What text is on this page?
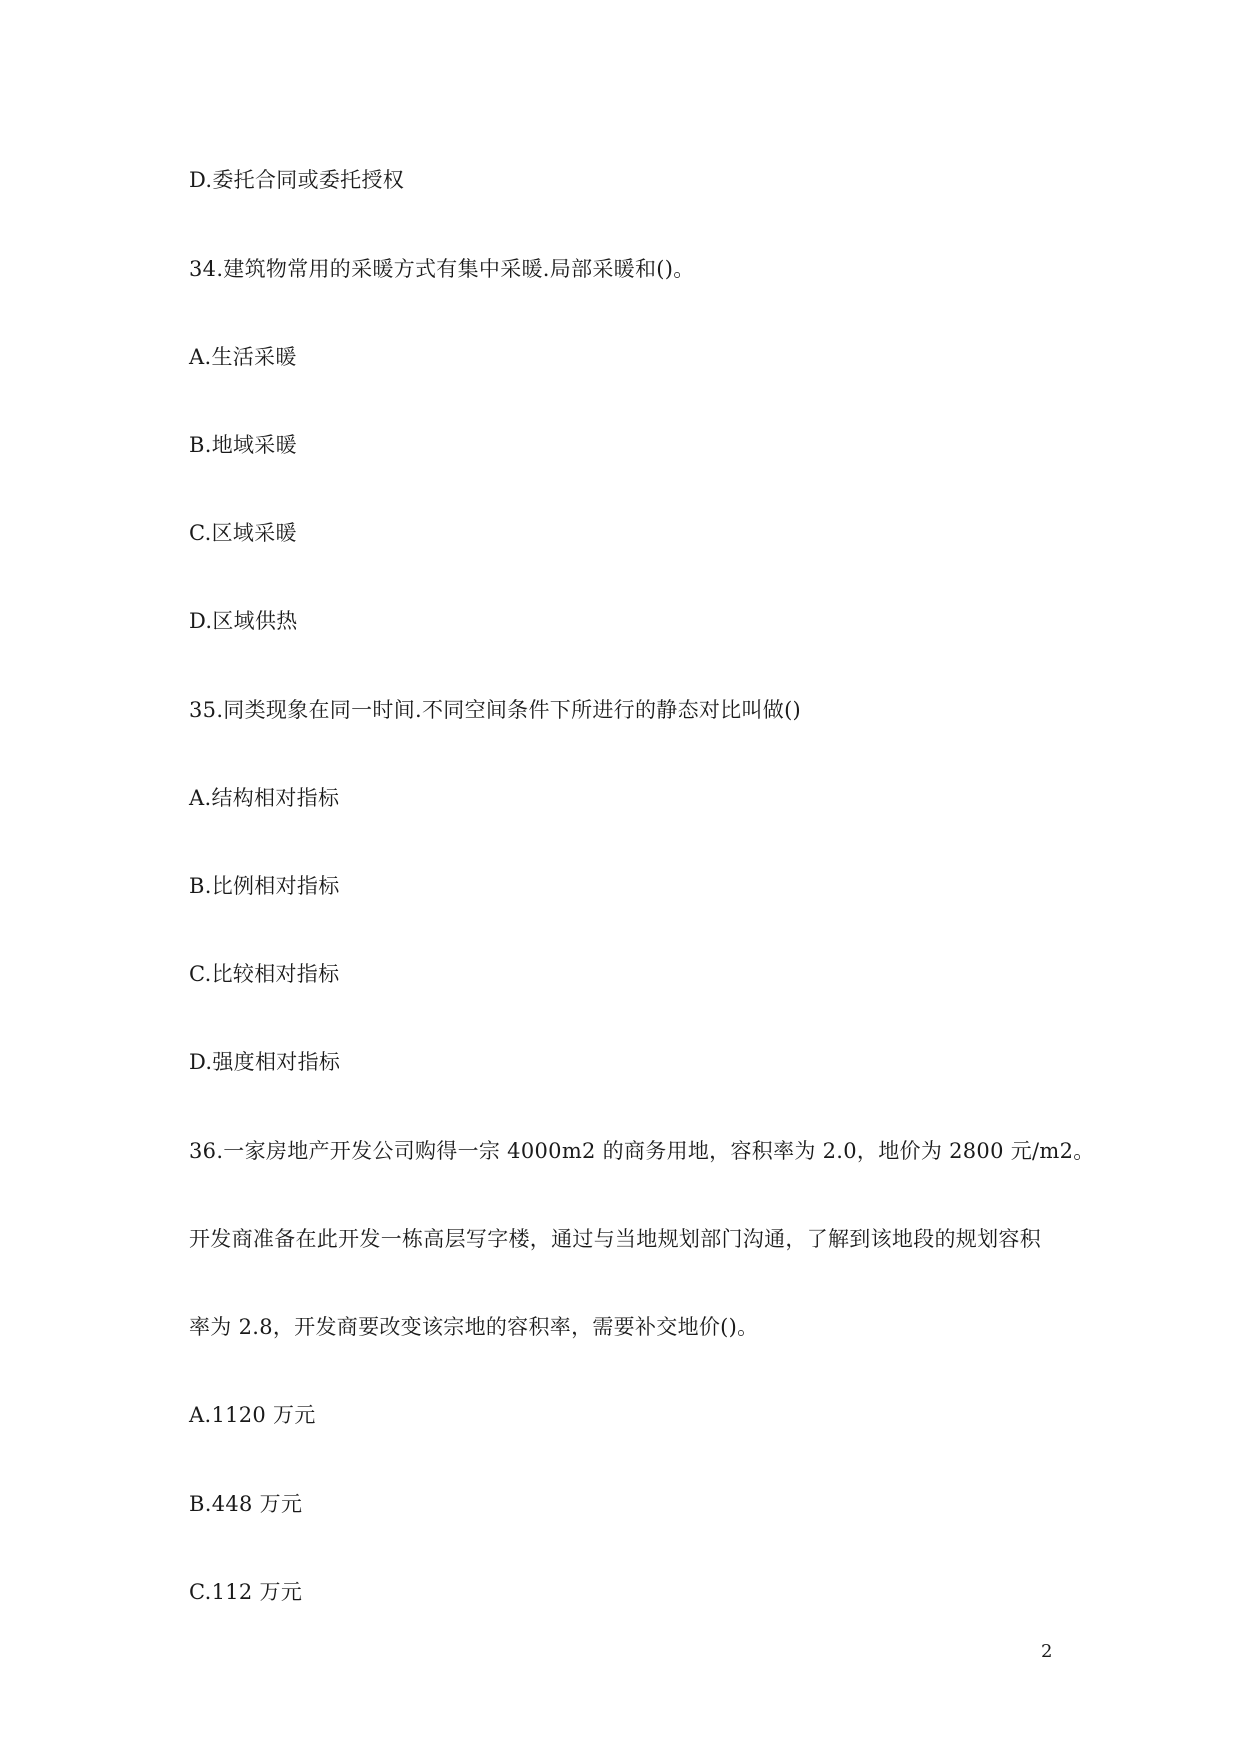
D.委托合同或委托授权
34.建筑物常用的采暖方式有集中采暖.局部采暖和()。
A.生活采暖
B.地域采暖
C.区域采暖
D.区域供热
35.同类现象在同一时间.不同空间条件下所进行的静态对比叫做()
A.结构相对指标
B.比例相对指标
C.比较相对指标
D.强度相对指标
36.一家房地产开发公司购得一宗 4000m2 的商务用地，容积率为 2.0，地价为 2800 元/m2。
开发商准备在此开发一栋高层写字楼，通过与当地规划部门沟通，了解到该地段的规划容积
率为 2.8，开发商要改变该宗地的容积率，需要补交地价()。
A.1120 万元
B.448 万元
C.112 万元
2
